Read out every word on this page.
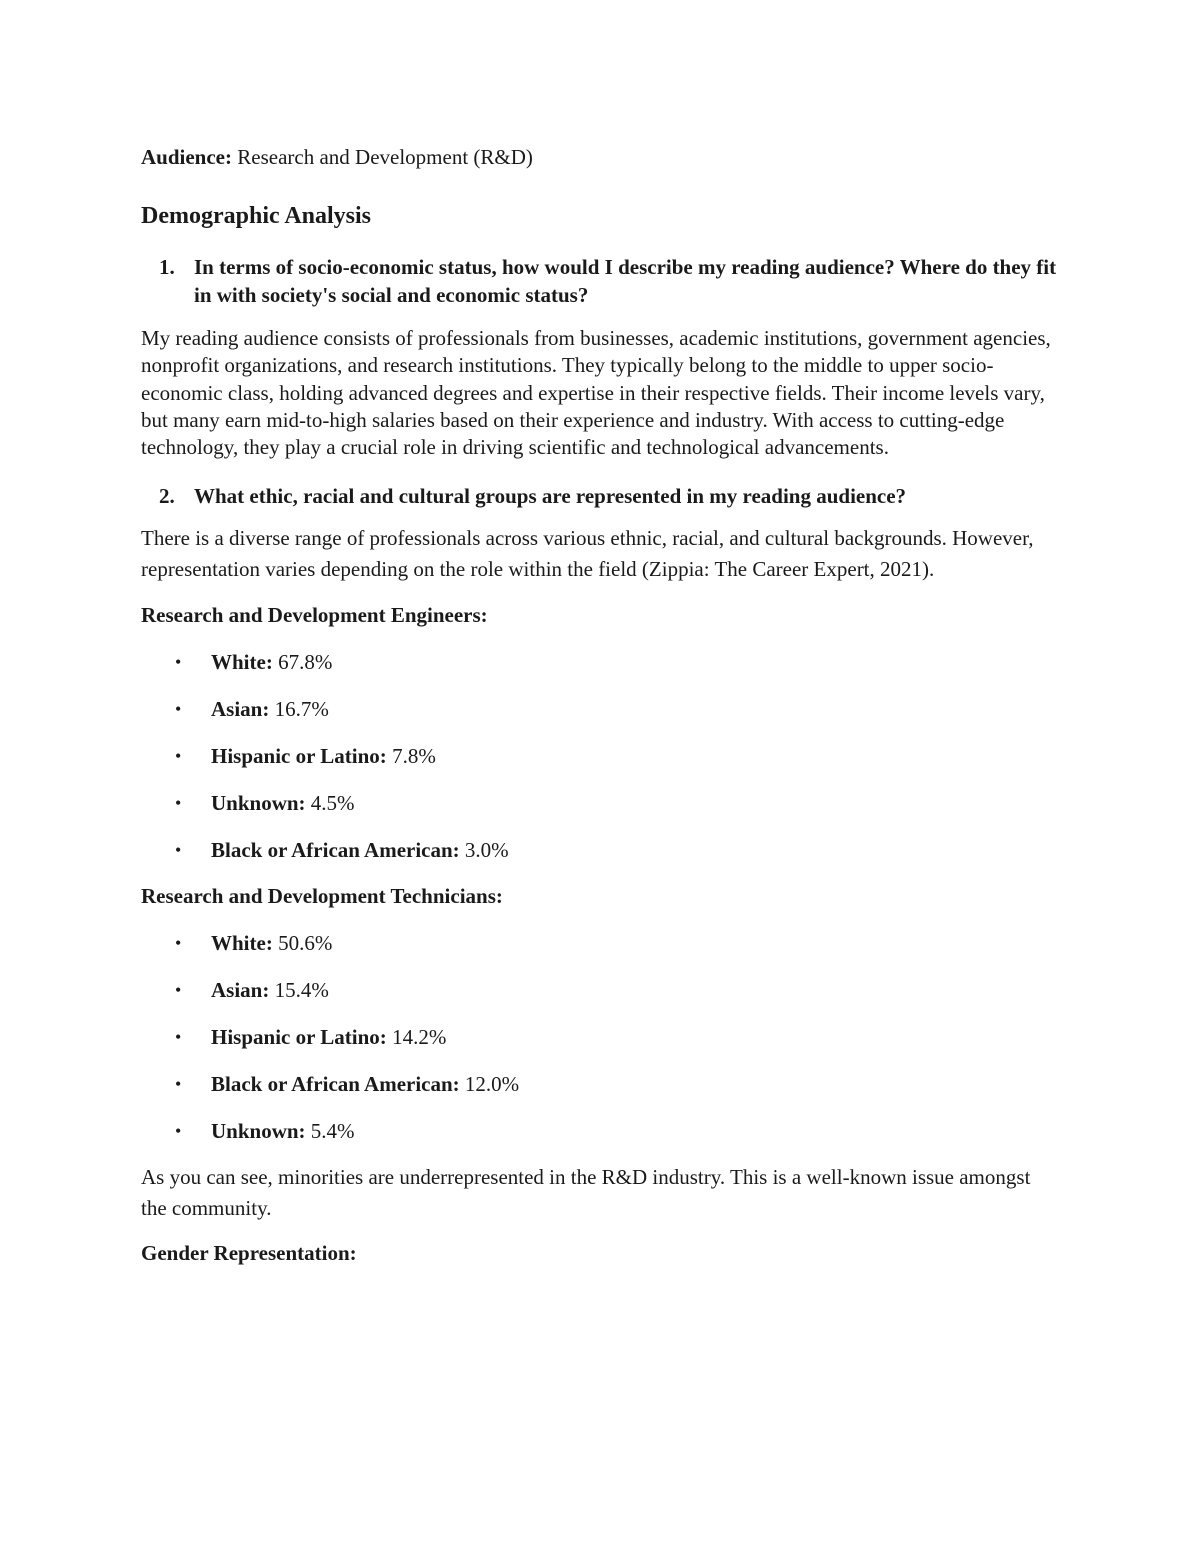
Audience: Research and Development (R&D)

Demographic Analysis
1. In terms of socio-economic status, how would I describe my reading audience? Where do they fit in with society's social and economic status?

My reading audience consists of professionals from businesses, academic institutions, government agencies, nonprofit organizations, and research institutions. They typically belong to the middle to upper socio-economic class, holding advanced degrees and expertise in their respective fields. Their income levels vary, but many earn mid-to-high salaries based on their experience and industry. With access to cutting-edge technology, they play a crucial role in driving scientific and technological advancements.

2. What ethic, racial and cultural groups are represented in my reading audience?

There is a diverse range of professionals across various ethnic, racial, and cultural backgrounds. However, representation varies depending on the role within the field (Zippia: The Career Expert, 2021).

Research and Development Engineers:

• White: 67.8%
• Asian: 16.7%
• Hispanic or Latino: 7.8%
• Unknown: 4.5%
• Black or African American: 3.0%

Research and Development Technicians:

• White: 50.6%
• Asian: 15.4%
• Hispanic or Latino: 14.2%
• Black or African American: 12.0%
• Unknown: 5.4%

As you can see, minorities are underrepresented in the R&D industry. This is a well-known issue amongst the community.

Gender Representation:
